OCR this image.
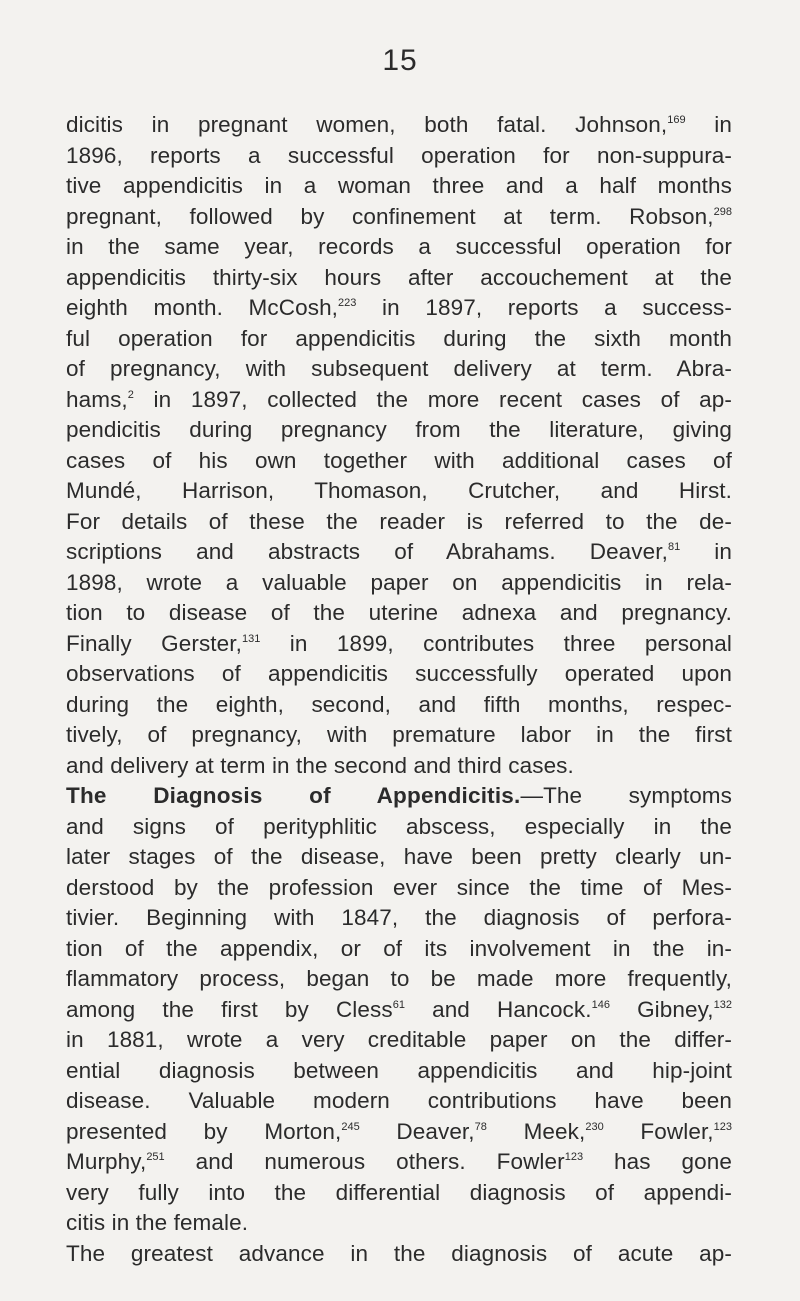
15
dicitis in pregnant women, both fatal. Johnson,$^{169}$ in
1896, reports a successful operation for non-suppura-
tive appendicitis in a woman three and a half months
pregnant, followed by confinement at term. Robson,$^{298}$
in the same year, records a successful operation for
appendicitis thirty-six hours after accouchement at the
eighth month. McCosh,$^{223}$ in 1897, reports a success-
ful operation for appendicitis during the sixth month
of pregnancy, with subsequent delivery at term. Abra-
hams,$^2$ in 1897, collected the more recent cases of ap-
pendicitis during pregnancy from the literature, giving
cases of his own together with additional cases of
Mundé, Harrison, Thomason, Crutcher, and Hirst.
For details of these the reader is referred to the de-
scriptions and abstracts of Abrahams. Deaver,$^{81}$ in
1898, wrote a valuable paper on appendicitis in rela-
tion to disease of the uterine adnexa and pregnancy.
Finally Gerster,$^{131}$ in 1899, contributes three personal
observations of appendicitis successfully operated upon
during the eighth, second, and fifth months, respec-
tively, of pregnancy, with premature labor in the first
and delivery at term in the second and third cases.
The Diagnosis of Appendicitis.—The symptoms
and signs of perityphlitic abscess, especially in the
later stages of the disease, have been pretty clearly un-
derstood by the profession ever since the time of Mes-
tivier. Beginning with 1847, the diagnosis of perfora-
tion of the appendix, or of its involvement in the in-
flammatory process, began to be made more frequently,
among the first by Cless$^{61}$ and Hancock.$^{146}$ Gibney,$^{132}$
in 1881, wrote a very creditable paper on the differ-
ential diagnosis between appendicitis and hip-joint
disease. Valuable modern contributions have been
presented by Morton,$^{245}$ Deaver,$^{78}$ Meek,$^{230}$ Fowler,$^{123}$
Murphy,$^{251}$ and numerous others. Fowler$^{123}$ has gone
very fully into the differential diagnosis of appendi-
citis in the female.
The greatest advance in the diagnosis of acute ap-
